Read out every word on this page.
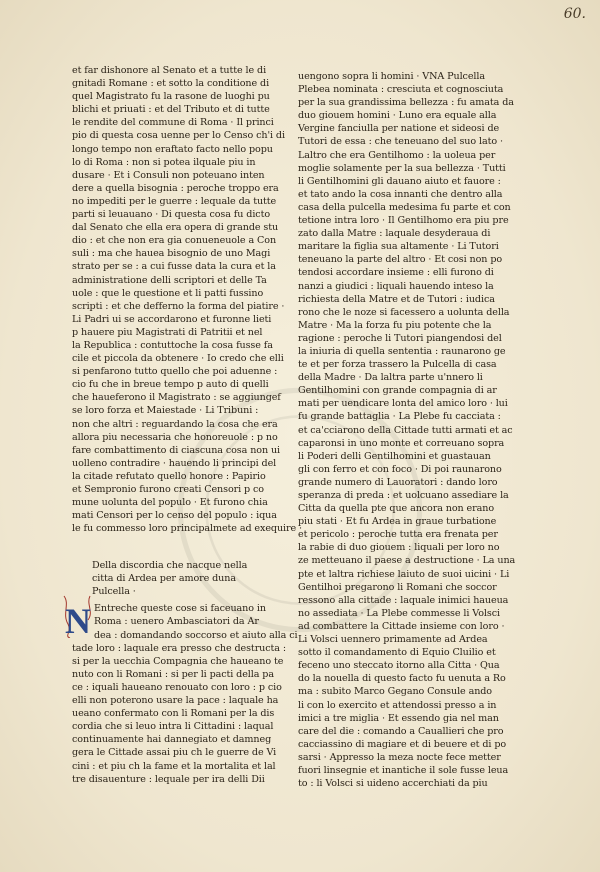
60.
et far dishonore al Senato et a tutte le di
gnitadi Romane : et sotto la conditione di
quel Magistrato fu la rasone de luoghi pu
blichi et priuati : et del Tributo et di tutte
le rendite del commune di Roma · Il princi
pio di questa cosa uenne per lo Censo ch'i di
longo tempo non eraftato facto nello popu
lo di Roma : non si potea ilquale piu in
dusare · Et i Consuli non poteuano inten
dere a quella bisognia : peroche troppo era
no impediti per le guerre : lequale da tutte
parti si leuauano · Di questa cosa fu dicto
dal Senato che ella era opera di grande stu
dio : et che non era gia conueneuole a Con
suli : ma che hauea bisognio de uno Magi
strato per se : a cui fusse data la cura et la
administratione delli scriptori et delle Ta
uole : que le questione et li patti fussino
scripti : et che defferno la forma del piatire ·
Li Padri ui se accordarono et furonne lieti
p hauere piu Magistrati di Patritii et nel
la Republica : contuttoche la cosa fusse fa
cile et piccola da obtenere · Io credo che elli
si penfarono tutto quello che poi aduenne :
cio fu che in breue tempo p auto di quelli
che haueferono il Magistrato : se aggiungef
se loro forza et Maiestade · Li Tribuni :
non che altri : reguardando la cosa che era
allora piu necessaria che honoreuole : p no
fare combattimento di ciascuna cosa non ui
uolleno contradire · hauendo li principi del
la citade refutato quello honore : Papirio
et Sempronio furono creati Censori p co
mune uolunta del populo · Et furono chia
mati Censori per lo censo del populo : iqua
le fu commesso loro principalmete ad exequire ·
Della discordia che nacque nella
citta di Ardea per amore duna
Pulcella ·
N Entreche queste cose si faceuano in
Roma : uenero Ambasciatori da Ar
dea : domandando soccorso et aiuto alla ci
tade loro : laquale era presso che destructa :
si per la uecchia Compagnia che haueano te
nuto con li Romani : si per li pacti della pa
ce : iquali haueano renouato con loro : p cio
elli non poterono usare la pace : laquale ha
ueano confermato con li Romani per la dis
cordia che si leuo intra li Cittadini : laqual
continuamente hai dannegiato et damneg
gera le Cittade assai piu ch le guerre de Vi
cini : et piu ch la fame et la mortalita et lal
tre disauenture : lequale per ira delli Dii
uengono sopra li homini · VNA Pulcella
Plebea nominata : cresciuta et cognosciuta
per la sua grandissima bellezza : fu amata da
duo giouem homini · Luno era equale alla
Vergine fanciulla per natione et sideosi de
Tutori de essa : che teneuano del suo lato ·
Laltro che era Gentilhomo : la uoleua per
moglie solamente per la sua bellezza · Tutti
li Gentilhomini gli dauano aiuto et fauore :
et tato ando la cosa innanti che dentro alla
casa della pulcella medesima fu parte et con
tetione intra loro · Il Gentilhomo era piu pre
zato dalla Matre : laquale desyderaua di
maritare la figlia sua altamente · Li Tutori
teneuano la parte del altro · Et cosi non po
tendosi accordare insieme : elli furono di
nanzi a giudici : liquali hauendo inteso la
richiesta della Matre et de Tutori : iudica
rono che le noze si facessero a uolunta della
Matre · Ma la forza fu piu potente che la
ragione : peroche li Tutori piangendosi del
la iniuria di quella sententia : raunarono ge
te et per forza trassero la Pulcella di casa
della Madre · Da laltra parte u'nnero li
Gentilhomini con grande compagnia di ar
mati per uendicare lonta del amico loro · lui
fu grande battaglia · La Plebe fu cacciata :
et ca'cciarono della Cittade tutti armati et ac
caparonsi in uno monte et correuano sopra
li Poderi delli Gentilhomini et guastauan
gli con ferro et con foco · Di poi raunarono
grande numero di Lauoratori : dando loro
speranza di preda : et uolcuano assediare la
Citta da quella pte que ancora non erano
piu stati · Et fu Ardea in graue turbatione
et pericolo : peroche tutta era frenata per
la rabie di duo giouem : liquali per loro no
ze metteuano il paese a destructione · La una
pte et laltra richiese laiuto de suoi uicini · Li
Gentilhoi pregarono li Romani che soccor
ressono alla cittade : laquale inimici haueua
no assediata · La Plebe commesse li Volsci
ad combattere la Cittade insieme con loro ·
Li Volsci uennero primamente ad Ardea
sotto il comandamento di Equio Cluilio et
feceno uno steccato itorno alla Citta · Qua
do la nouella di questo facto fu uenuta a Ro
ma : subito Marco Gegano Consule ando
li con lo exercito et attendossi presso a in
imici a tre miglia · Et essendo gia nel man
care del die : comando a Cauallieri che pro
cacciassino di magiare et di beuere et di po
sarsi · Appresso la meza nocte fece metter
fuori linsegnie et inantiche il sole fusse leua
to : li Volsci si uideno accerchiati da piu
